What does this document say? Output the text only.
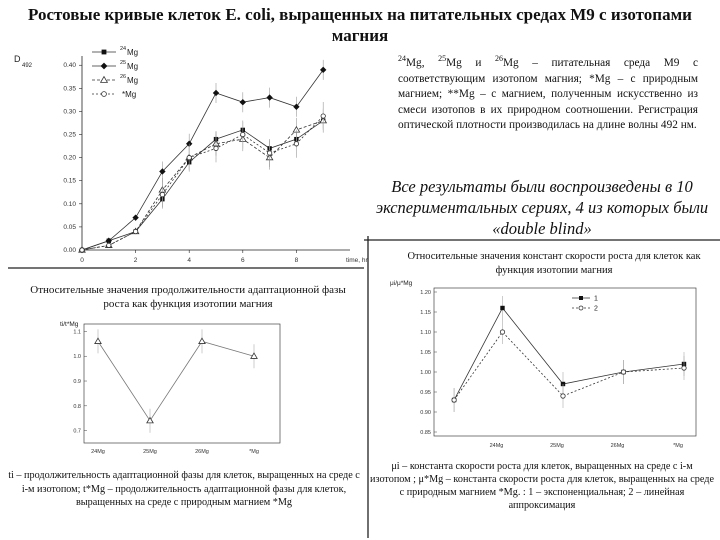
Ростовые кривые клеток E. coli, выращенных на питательных средах М9 с изотопами магния
D
492
0.00
0.05
0.10
0.15
0.20
0.25
0.30
0.35
0.40
0	2	4	6	8	time, hr
24 Mg
25 Mg
26 Mg
*Mg
$^{24}$Mg, $^{25}$Mg и $^{26}$Mg – питательная среда М9 с соответствующим изотопом магния; *Mg – с природным магнием; **Mg – с магнием, полученным искусственно из смеси изотопов в их природном соотношении. Регистрация оптической плотности производилась на длине волны 492 нм.
Все результаты были воспроизведены в 10 экспериментальных сериях, 4 из которых были «double blind»
Относительные значения констант скорости роста для клеток как функция изотопии магния
Относительные значения продолжительности адаптационной фазы роста как функция изотопии магния
μi/μ*Mg
0.85
0.90
0.95
1.00
1.05
1.10
1.15
1.20
24Mg	25Mg	26Mg	*Mg
1
2
ti/t*Mg
0.7
0.8
0.9
1.0
1.1
24Mg	25Mg	26Mg	*Mg
μi – константа скорости роста для клеток, выращенных на среде с i-м изотопом ; μ*Mg – константа скорости роста для клеток, выращенных на среде с природным магнием *Mg. : 1 – экспоненциальная; 2 – линейная аппроксимация
ti – продолжительность адаптационной фазы для клеток, выращенных на среде с i-м изотопом; t*Mg – продолжительность адаптационной фазы для клеток, выращенных на среде с природным магнием *Mg
